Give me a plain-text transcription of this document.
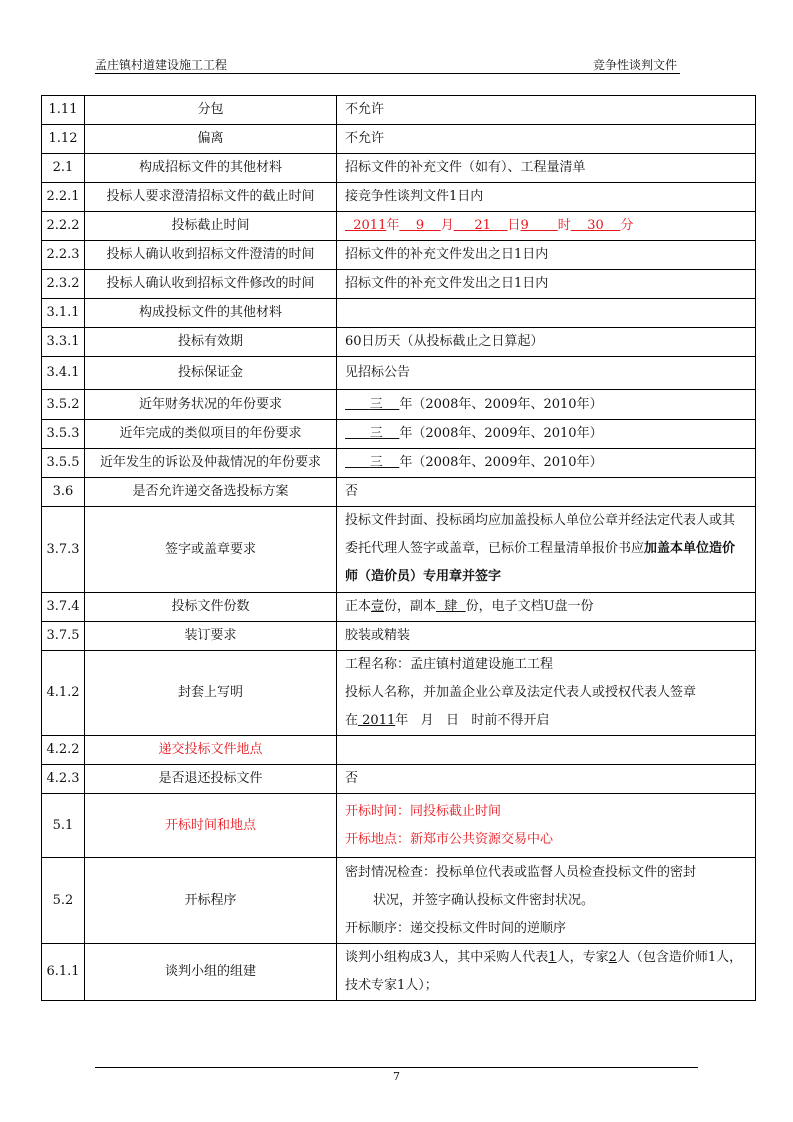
孟庄镇村道建设施工工程	竞争性谈判文件
1.11	分包	不允许

1.12	偏离	不允许

2.1	构成招标文件的其他材料	招标文件的补充文件（如有）、工程量清单

2.2.1	投标人要求澄清招标文件的截止时间	接竞争性谈判文件1日内

2.2.2	投标截止时间	2011年    9    月     21    日9       时    30    分

2.2.3	投标人确认收到招标文件澄清的时间	招标文件的补充文件发出之日1日内

2.3.2	投标人确认收到招标文件修改的时间	招标文件的补充文件发出之日1日内

3.1.1	构成投标文件的其他材料	

3.3.1	投标有效期	60日历天（从投标截止之日算起）

3.4.1	投标保证金	见招标公告

3.5.2	近年财务状况的年份要求	三    年（2008年、2009年、2010年）

3.5.3	近年完成的类似项目的年份要求	三    年（2008年、2009年、2010年）

3.5.5	近年发生的诉讼及仲裁情况的年份要求	三    年（2008年、2009年、2010年）

3.6	是否允许递交备选投标方案	否

3.7.3	签字或盖章要求	投标文件封面、投标函均应加盖投标人单位公章并经法定代表人或其委托代理人签字或盖章，已标价工程量清单报价书应加盖本单位造价师（造价员）专用章并签字

3.7.4	投标文件份数	正本壹份，副本  肆  份，电子文档U盘一份

3.7.5	装订要求	胶装或精装

4.1.2	封套上写明	工程名称：孟庄镇村道建设施工工程
投标人名称，并加盖企业公章及法定代表人或授权代表人签章
在 2011年   月   日   时前不得开启

4.2.2	递交投标文件地点	

4.2.3	是否退还投标文件	否

5.1	开标时间和地点	开标时间：同投标截止时间
开标地点：新郑市公共资源交易中心

5.2	开标程序	密封情况检查：投标单位代表或监督人员检查投标文件的密封
状况，并签字确认投标文件密封状况。
开标顺序：递交投标文件时间的逆顺序

6.1.1	谈判小组的组建	谈判小组构成3人，其中采购人代表1人，专家2人（包含造价师1人，技术专家1人）；
7
